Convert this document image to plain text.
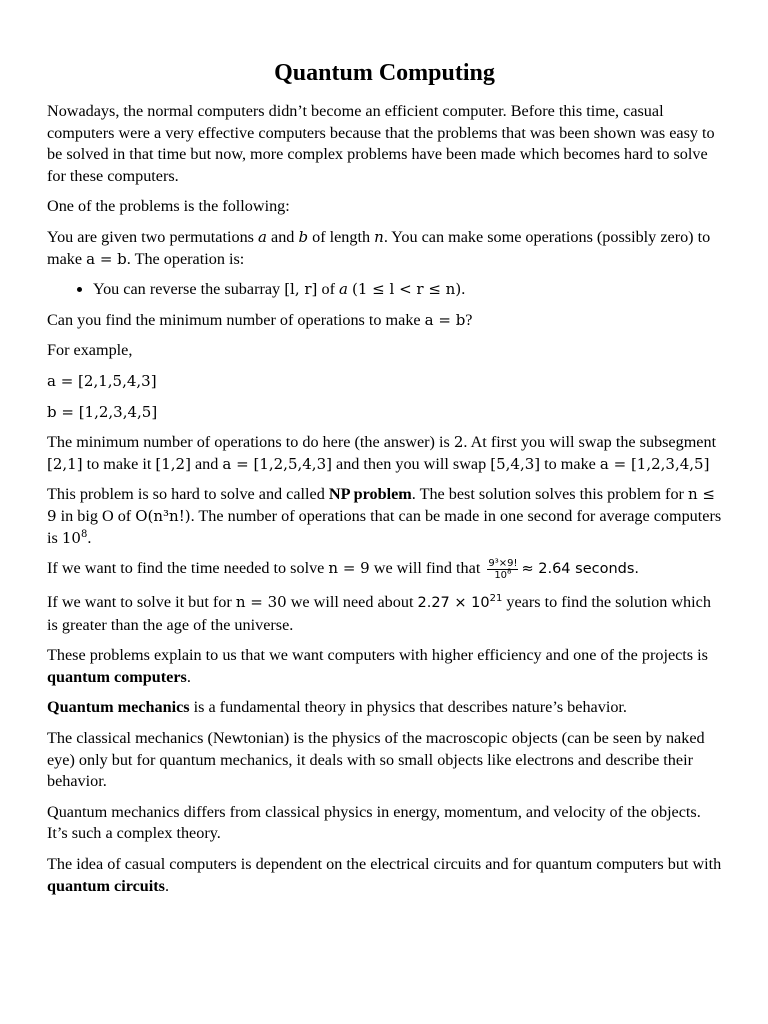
Quantum Computing

Nowadays, the normal computers didn’t become an efficient computer. Before this time, casual computers were a very effective computers because that the problems that was been shown was easy to be solved in that time but now, more complex problems have been made which becomes hard to solve for these computers.

One of the problems is the following:

You are given two permutations a and b of length n. You can make some operations (possibly zero) to make a = b. The operation is:

• You can reverse the subarray [l, r] of a (1 ≤ l < r ≤ n).

Can you find the minimum number of operations to make a = b?

For example,

a = [2,1,5,4,3]

b = [1,2,3,4,5]

The minimum number of operations to do here (the answer) is 2. At first you will swap the subsegment [2,1] to make it [1,2] and a = [1,2,5,4,3] and then you will swap [5,4,3] to make a = [1,2,3,4,5]

This problem is so hard to solve and called NP problem. The best solution solves this problem for n ≤ 9 in big O of O(n³n!). The number of operations that can be made in one second for average computers is $10^8$.

If we want to find the time needed to solve n = 9 we will find that $\frac{\text{9³×9!}}{10^8} \approx 2.64$ seconds.

If we want to solve it but for n = 30 we will need about $2.27 \times 10^{21}$ years to find the solution which is greater than the age of the universe.

These problems explain to us that we want computers with higher efficiency and one of the projects is quantum computers.

Quantum mechanics is a fundamental theory in physics that describes nature’s behavior.

The classical mechanics (Newtonian) is the physics of the macroscopic objects (can be seen by naked eye) only but for quantum mechanics, it deals with so small objects like electrons and describe their behavior.

Quantum mechanics differs from classical physics in energy, momentum, and velocity of the objects. It’s such a complex theory.

The idea of casual computers is dependent on the electrical circuits and for quantum computers but with quantum circuits.
